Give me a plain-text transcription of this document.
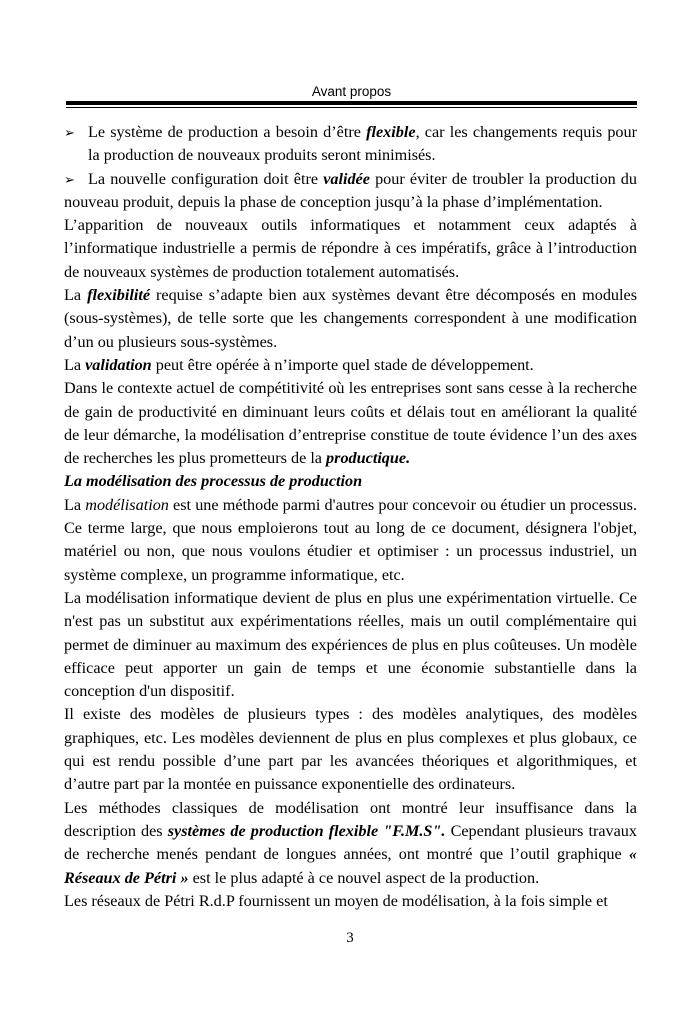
Avant propos

➢ Le système de production a besoin d’être flexible, car les changements requis pour la production de nouveaux produits seront minimisés.

➢ La nouvelle configuration doit être validée pour éviter de troubler la production du nouveau produit, depuis la phase de conception jusqu’à la phase d’implémentation.

L’apparition de nouveaux outils informatiques et notamment ceux adaptés à l’informatique industrielle a permis de répondre à ces impératifs, grâce à l’introduction de nouveaux systèmes de production totalement automatisés.

La flexibilité requise s’adapte bien aux systèmes devant être décomposés en modules (sous-systèmes), de telle sorte que les changements correspondent à une modification d’un ou plusieurs sous-systèmes.

La validation peut être opérée à n’importe quel stade de développement.

Dans le contexte actuel de compétitivité où les entreprises sont sans cesse à la recherche de gain de productivité en diminuant leurs coûts et délais tout en améliorant la qualité de leur démarche, la modélisation d’entreprise constitue de toute évidence l’un des axes de recherches les plus prometteurs de la productique.

La modélisation des processus de production

La modélisation est une méthode parmi d'autres pour concevoir ou étudier un processus. Ce terme large, que nous emploierons tout au long de ce document, désignera l'objet, matériel ou non, que nous voulons étudier et optimiser : un processus industriel, un système complexe, un programme informatique, etc.

La modélisation informatique devient de plus en plus une expérimentation virtuelle. Ce n'est pas un substitut aux expérimentations réelles, mais un outil complémentaire qui permet de diminuer au maximum des expériences de plus en plus coûteuses. Un modèle efficace peut apporter un gain de temps et une économie substantielle dans la conception d'un dispositif.

Il existe des modèles de plusieurs types : des modèles analytiques, des modèles graphiques, etc. Les modèles deviennent de plus en plus complexes et plus globaux, ce qui est rendu possible d’une part par les avancées théoriques et algorithmiques, et d’autre part par la montée en puissance exponentielle des ordinateurs.

Les méthodes classiques de modélisation ont montré leur insuffisance dans la description des systèmes de production flexible "F.M.S". Cependant plusieurs travaux de recherche menés pendant de longues années, ont montré que l’outil graphique « Réseaux de Pétri » est le plus adapté à ce nouvel aspect de la production.

Les réseaux de Pétri R.d.P fournissent un moyen de modélisation, à la fois simple et

3
